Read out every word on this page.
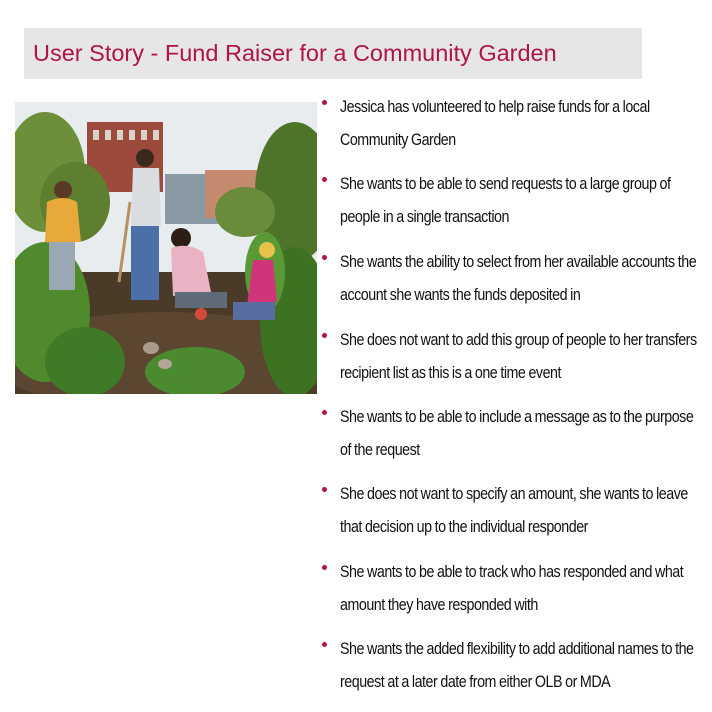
User Story - Fund Raiser for a Community Garden
Jessica has volunteered to help raise funds for a local Community Garden
She wants to be able to send requests to a large group of people in a single transaction
She wants the ability to select from her available accounts the account she wants the funds deposited in
She does not want to add this group of people to her transfers recipient list as this is a one time event
She wants to be able to include a message as to the purpose of the request
She does not want to specify an amount, she wants to leave that decision up to the individual responder
She wants to be able to track who has responded and what amount they have responded with
She wants the added flexibility to add additional names to the request at a later date from either OLB or MDA
